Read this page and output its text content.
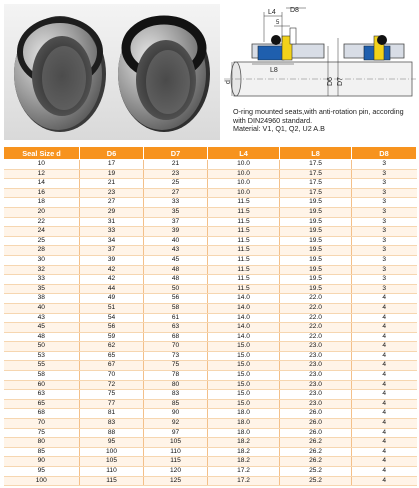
L4 D8
5
L8
d	D6 D7
O-ring mounted seats,with anti-rotation pin, according
with DIN24960 standard.
Material: V1, Q1, Q2, U2 A.B
Seal Size d	D6	D7	L4	L8	D8
10	17	21	10.0	17.5	3
12	19	23	10.0	17.5	3
14	21	25	10.0	17.5	3
16	23	27	10.0	17.5	3
18	27	33	11.5	19.5	3
20	29	35	11.5	19.5	3
22	31	37	11.5	19.5	3
24	33	39	11.5	19.5	3
25	34	40	11.5	19.5	3
28	37	43	11.5	19.5	3
30	39	45	11.5	19.5	3
32	42	48	11.5	19.5	3
33	42	48	11.5	19.5	3
35	44	50	11.5	19.5	3
38	49	56	14.0	22.0	4
40	51	58	14.0	22.0	4
43	54	61	14.0	22.0	4
45	56	63	14.0	22.0	4
48	59	68	14.0	22.0	4
50	62	70	15.0	23.0	4
53	65	73	15.0	23.0	4
55	67	75	15.0	23.0	4
58	70	78	15.0	23.0	4
60	72	80	15.0	23.0	4
63	75	83	15.0	23.0	4
65	77	85	15.0	23.0	4
68	81	90	18.0	26.0	4
70	83	92	18.0	26.0	4
75	88	97	18.0	26.0	4
80	95	105	18.2	26.2	4
85	100	110	18.2	26.2	4
90	105	115	18.2	26.2	4
95	110	120	17.2	25.2	4
100	115	125	17.2	25.2	4
